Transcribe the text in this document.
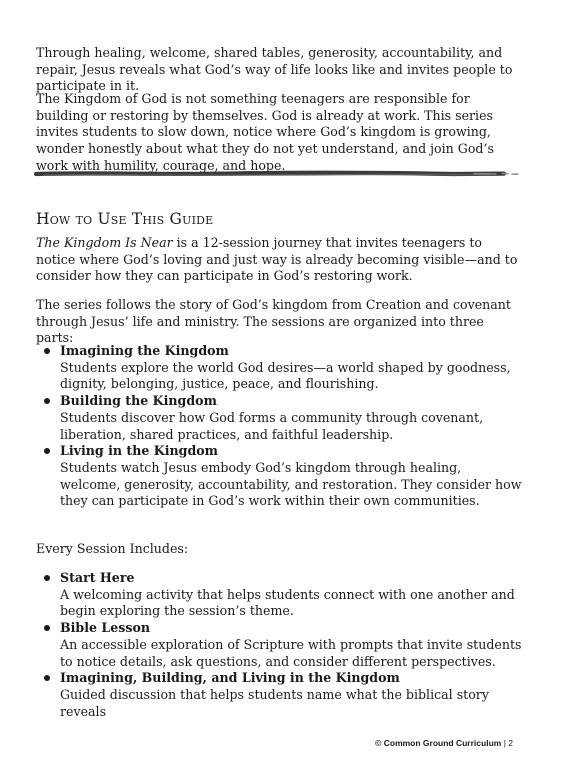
Through healing, welcome, shared tables, generosity, accountability, and repair, Jesus reveals what God’s way of life looks like and invites people to participate in it.

The Kingdom of God is not something teenagers are responsible for building or restoring by themselves. God is already at work. This series invites students to slow down, notice where God’s kingdom is growing, wonder honestly about what they do not yet understand, and join God’s work with humility, courage, and hope.

How to Use This Guide

The Kingdom Is Near is a 12-session journey that invites teenagers to notice where God’s loving and just way is already becoming visible—and to consider how they can participate in God’s restoring work.

The series follows the story of God’s kingdom from Creation and covenant through Jesus’ life and ministry. The sessions are organized into three parts:

Imagining the Kingdom
Students explore the world God desires—a world shaped by goodness, dignity, belonging, justice, peace, and flourishing.
Building the Kingdom
Students discover how God forms a community through covenant, liberation, shared practices, and faithful leadership.
Living in the Kingdom
Students watch Jesus embody God’s kingdom through healing, welcome, generosity, accountability, and restoration. They consider how they can participate in God’s work within their own communities.

Every Session Includes:

Start Here
A welcoming activity that helps students connect with one another and begin exploring the session’s theme.
Bible Lesson
An accessible exploration of Scripture with prompts that invite students to notice details, ask questions, and consider different perspectives.
Imagining, Building, and Living in the Kingdom
Guided discussion that helps students name what the biblical story reveals
© Common Ground Curriculum | 2
